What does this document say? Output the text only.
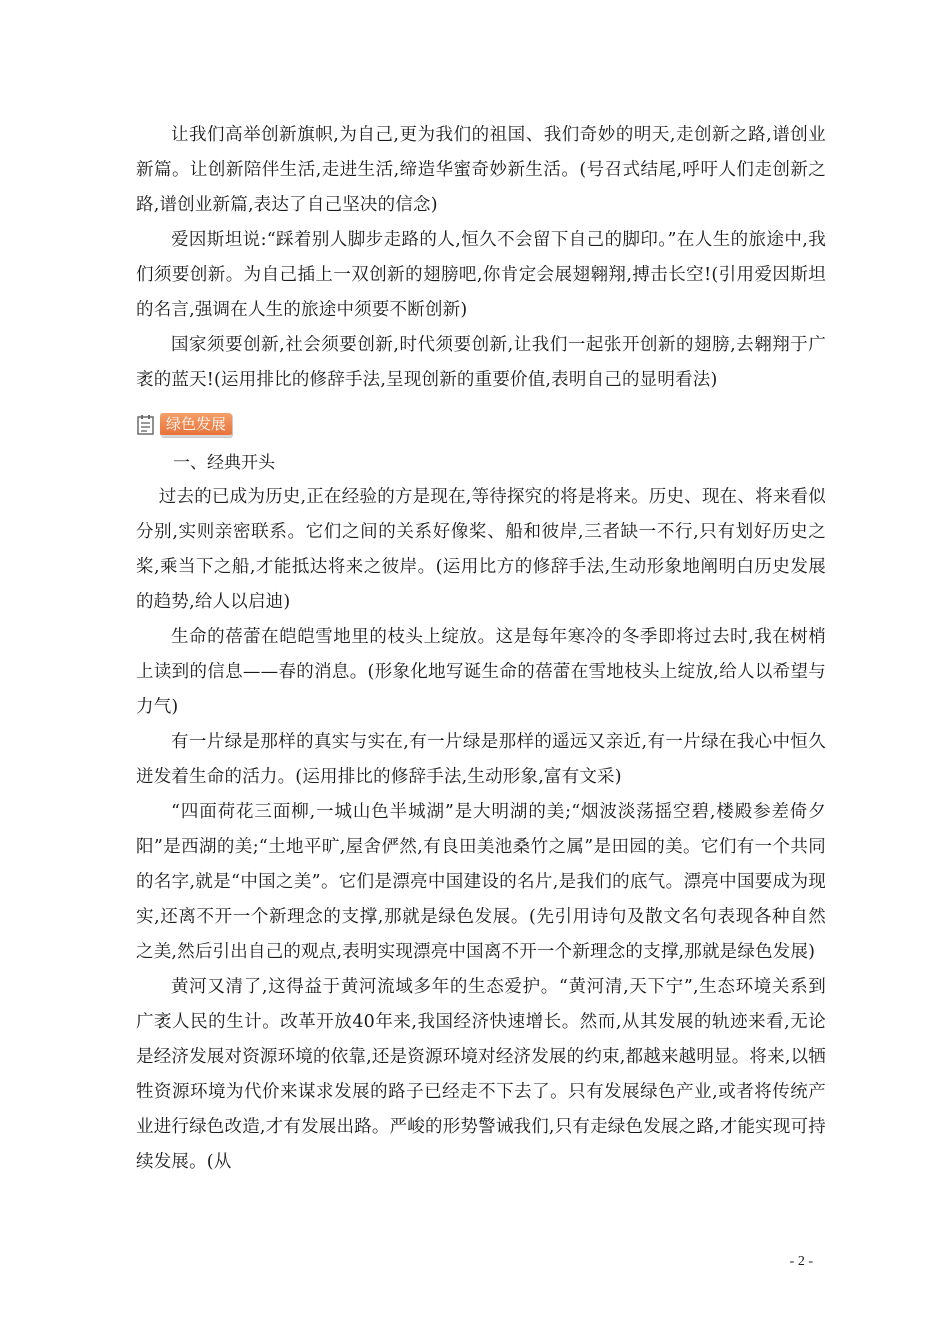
让我们高举创新旗帜,为自己,更为我们的祖国、我们奇妙的明天,走创新之路,谱创业新篇。让创新陪伴生活,走进生活,缔造华蜜奇妙新生活。(号召式结尾,呼吁人们走创新之路,谱创业新篇,表达了自己坚决的信念)

爱因斯坦说:“踩着别人脚步走路的人,恒久不会留下自己的脚印。”在人生的旅途中,我们须要创新。为自己插上一双创新的翅膀吧,你肯定会展翅翱翔,搏击长空!(引用爱因斯坦的名言,强调在人生的旅途中须要不断创新)

国家须要创新,社会须要创新,时代须要创新,让我们一起张开创新的翅膀,去翱翔于广袤的蓝天!(运用排比的修辞手法,呈现创新的重要价值,表明自己的显明看法)

绿色发展

一、经典开头

过去的已成为历史,正在经验的方是现在,等待探究的将是将来。历史、现在、将来看似分别,实则亲密联系。它们之间的关系好像桨、船和彼岸,三者缺一不行,只有划好历史之桨,乘当下之船,才能抵达将来之彼岸。(运用比方的修辞手法,生动形象地阐明白历史发展的趋势,给人以启迪)

生命的蓓蕾在皑皑雪地里的枝头上绽放。这是每年寒冷的冬季即将过去时,我在树梢上读到的信息——春的消息。(形象化地写诞生命的蓓蕾在雪地枝头上绽放,给人以希望与力气)

有一片绿是那样的真实与实在,有一片绿是那样的遥远又亲近,有一片绿在我心中恒久迸发着生命的活力。(运用排比的修辞手法,生动形象,富有文采)

“四面荷花三面柳,一城山色半城湖”是大明湖的美;“烟波淡荡摇空碧,楼殿参差倚夕阳”是西湖的美;“土地平旷,屋舍俨然,有良田美池桑竹之属”是田园的美。它们有一个共同的名字,就是“中国之美”。它们是漂亮中国建设的名片,是我们的底气。漂亮中国要成为现实,还离不开一个新理念的支撑,那就是绿色发展。(先引用诗句及散文名句表现各种自然之美,然后引出自己的观点,表明实现漂亮中国离不开一个新理念的支撑,那就是绿色发展)

黄河又清了,这得益于黄河流域多年的生态爱护。“黄河清,天下宁”,生态环境关系到广袤人民的生计。改革开放40年来,我国经济快速增长。然而,从其发展的轨迹来看,无论是经济发展对资源环境的依靠,还是资源环境对经济发展的约束,都越来越明显。将来,以牺牲资源环境为代价来谋求发展的路子已经走不下去了。只有发展绿色产业,或者将传统产业进行绿色改造,才有发展出路。严峻的形势警诫我们,只有走绿色发展之路,才能实现可持续发展。(从

- 2 -
